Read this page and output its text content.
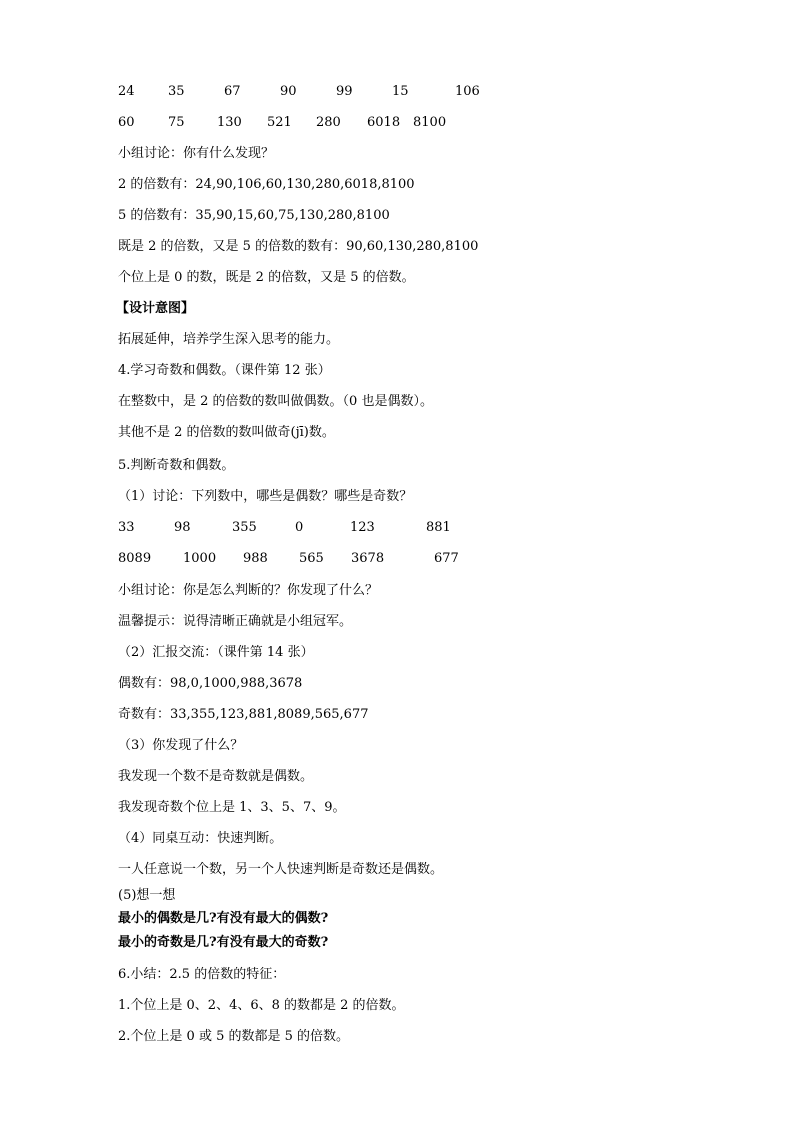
24	35	67	90	99	15	106
60	75 130 521 280 6018 8100
小组讨论：你有什么发现？
2 的倍数有：24,90,106,60,130,280,6018,8100
5 的倍数有：35,90,15,60,75,130,280,8100
既是 2 的倍数，又是 5 的倍数的数有：90,60,130,280,8100
个位上是 0 的数，既是 2 的倍数，又是 5 的倍数。
【设计意图】
拓展延伸，培养学生深入思考的能力。
4.学习奇数和偶数。（课件第 12 张）
在整数中，是 2 的倍数的数叫做偶数。（0 也是偶数）。
其他不是 2 的倍数的数叫做奇(jī)数。
5.判断奇数和偶数。
（1）讨论：下列数中，哪些是偶数？哪些是奇数？
33	98	355	0	123	881
8089 1000 988 565 3678	677
小组讨论：你是怎么判断的？你发现了什么？
温馨提示：说得清晰正确就是小组冠军。
（2）汇报交流：（课件第 14 张）
偶数有：98,0,1000,988,3678
奇数有：33,355,123,881,8089,565,677
（3）你发现了什么？
我发现一个数不是奇数就是偶数。
我发现奇数个位上是 1、3、5、7、9。
（4）同桌互动：快速判断。
一人任意说一个数，另一个人快速判断是奇数还是偶数。
(5)想一想
最小的偶数是几?有没有最大的偶数?
最小的奇数是几?有没有最大的奇数?
6.小结：2.5 的倍数的特征：
1.个位上是 0、2、4、6、8 的数都是 2 的倍数。
2.个位上是 0 或 5 的数都是 5 的倍数。
